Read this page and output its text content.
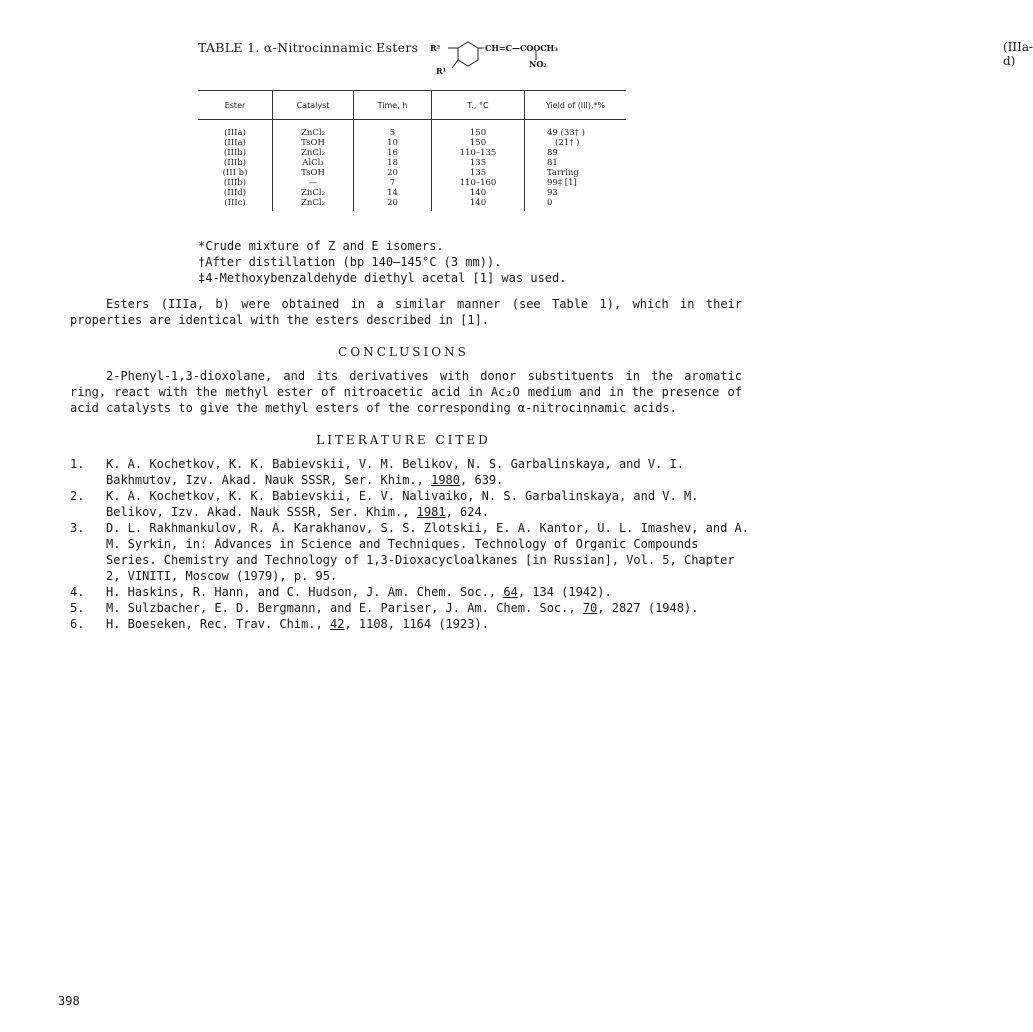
TABLE 1. α-Nitrocinnamic Esters R²	CH=C—COOCH₃
NO₂
R¹
(IIIa-d)
Ester	Catalyst	Time, h	T., °C	Yield of (III),*%
(IIIa)	ZnCl₂	5	150	49 (33† )
(IIIa)	TsOH	10	150	(21† )
(IIIb)	ZnCl₂	16	110–135	89
(IIIb)	AlCl₃	18	135	81
(III b)	TsOH	20	135	Tarring
(IIIb)	—	7	110–160	99‡ [1]
(IIId)	ZnCl₂	14	140	93
(IIIc)	ZnCl₂	20	140	0
*Crude mixture of Z and E isomers.
†After distillation (bp 140–145°C (3 mm)).
‡4-Methoxybenzaldehyde diethyl acetal [1] was used.
Esters (IIIa, b) were obtained in a similar manner (see Table 1), which in their properties are identical with the esters described in [1].
CONCLUSIONS
2-Phenyl-1,3-dioxolane, and its derivatives with donor substituents in the aromatic ring, react with the methyl ester of nitroacetic acid in Ac₂O medium and in the presence of acid catalysts to give the methyl esters of the corresponding α-nitrocinnamic acids.
LITERATURE CITED
1. K. A. Kochetkov, K. K. Babievskii, V. M. Belikov, N. S. Garbalinskaya, and V. I. Bakhmutov, Izv. Akad. Nauk SSSR, Ser. Khim., 1980, 639.
2. K. A. Kochetkov, K. K. Babievskii, E. V. Nalivaiko, N. S. Garbalinskaya, and V. M. Belikov, Izv. Akad. Nauk SSSR, Ser. Khim., 1981, 624.
3. D. L. Rakhmankulov, R. A. Karakhanov, S. S. Zlotskii, E. A. Kantor, U. L. Imashev, and A. M. Syrkin, in: Advances in Science and Techniques. Technology of Organic Compounds Series. Chemistry and Technology of 1,3-Dioxacycloalkanes [in Russian], Vol. 5, Chapter 2, VINITI, Moscow (1979), p. 95.
4. H. Haskins, R. Hann, and C. Hudson, J. Am. Chem. Soc., 64, 134 (1942).
5. M. Sulzbacher, E. D. Bergmann, and E. Pariser, J. Am. Chem. Soc., 70, 2827 (1948).
6. H. Boeseken, Rec. Trav. Chim., 42, 1108, 1164 (1923).
398
